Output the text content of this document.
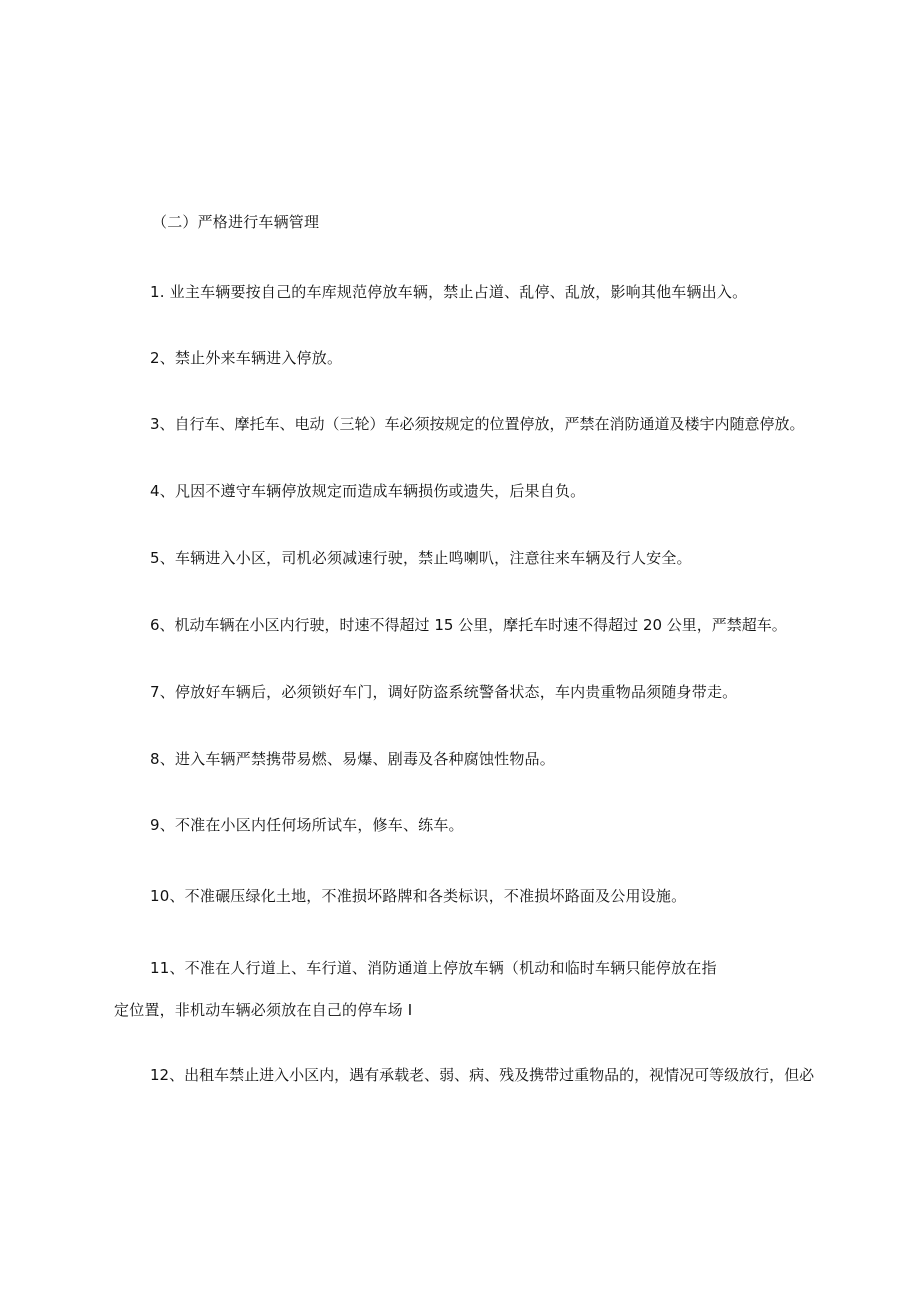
（二）严格进行车辆管理

1. 业主车辆要按自己的车库规范停放车辆，禁止占道、乱停、乱放，影响其他车辆出入。

2、禁止外来车辆进入停放。

3、自行车、摩托车、电动（三轮）车必须按规定的位置停放，严禁在消防通道及楼宇内随意停放。

4、凡因不遵守车辆停放规定而造成车辆损伤或遗失，后果自负。

5、车辆进入小区，司机必须减速行驶，禁止鸣喇叭，注意往来车辆及行人安全。

6、机动车辆在小区内行驶，时速不得超过 15 公里，摩托车时速不得超过 20 公里，严禁超车。

7、停放好车辆后，必须锁好车门，调好防盗系统警备状态，车内贵重物品须随身带走。

8、进入车辆严禁携带易燃、易爆、剧毒及各种腐蚀性物品。

9、不准在小区内任何场所试车，修车、练车。

10、不准碾压绿化土地，不准损坏路牌和各类标识，不准损坏路面及公用设施。

11、不准在人行道上、车行道、消防通道上停放车辆（机动和临时车辆只能停放在指

定位置，非机动车辆必须放在自己的停车场 I

12、出租车禁止进入小区内，遇有承载老、弱、病、残及携带过重物品的，视情况可等级放行，但必
